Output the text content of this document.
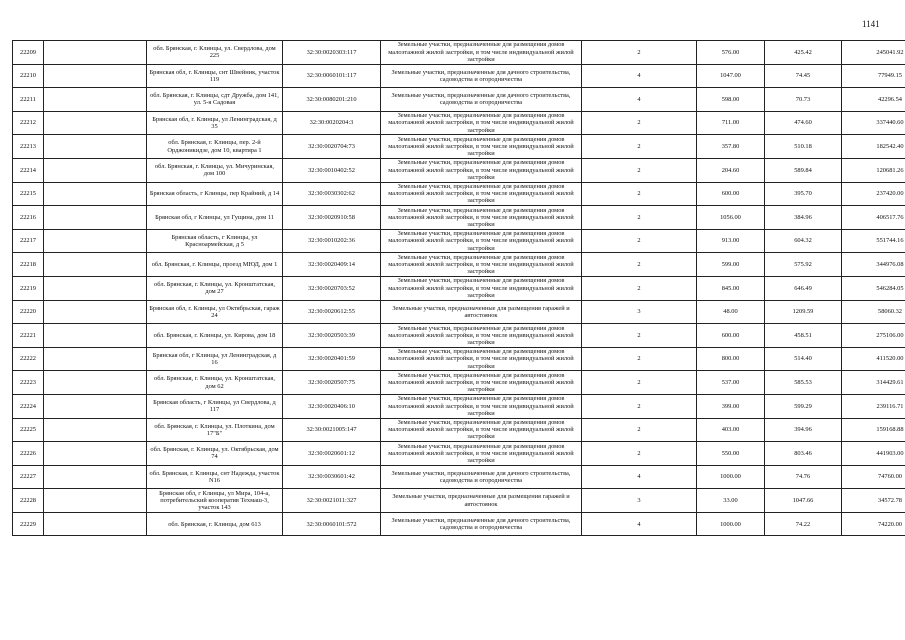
1141
22209		обл. Брянская, г. Клинцы, ул. Свердлова, дом 225	32:30:0020303:117	Земельные участки, предназначенные для размещения домов малоэтажной жилой застройки, в том числе индивидуальной жилой застройки	2	576.00	425.42	245041.92
22210		Брянская обл, г. Клинцы, снт Швейник, участок 119	32:30:0060101:117	Земельные участки, предназначенные для дачного строительства, садоводства и огородничества	4	1047.00	74.45	77949.15
22211		обл. Брянская, г. Клинцы, сдт Дружба, дом 141, ул. 5-я Садовая	32:30:0080201:210	Земельные участки, предназначенные для дачного строительства, садоводства и огородничества	4	598.00	70.73	42296.54
22212		Брянская обл, г. Клинцы, ул Ленинградская, д 35	32:30:0020204:3	Земельные участки, предназначенные для размещения домов малоэтажной жилой застройки, в том числе индивидуальной жилой застройки	2	711.00	474.60	337440.60
22213		обл. Брянская, г. Клинцы, пер. 2-й Орджоникидзе, дом 10, квартира 1	32:30:0020704:73	Земельные участки, предназначенные для размещения домов малоэтажной жилой застройки, в том числе индивидуальной жилой застройки	2	357.80	510.18	182542.40
22214		обл. Брянская, г. Клинцы, ул. Мичуринская, дом 100	32:30:0010402:52	Земельные участки, предназначенные для размещения домов малоэтажной жилой застройки, в том числе индивидуальной жилой застройки	2	204.60	589.84	120681.26
22215		Брянская область, г Клинцы, пер Крайний, д 14	32:30:0030302:62	Земельные участки, предназначенные для размещения домов малоэтажной жилой застройки, в том числе индивидуальной жилой застройки	2	600.00	395.70	237420.00
22216		Брянская обл, г Клинцы, ул Гущина, дом 11	32:30:0020910:58	Земельные участки, предназначенные для размещения домов малоэтажной жилой застройки, в том числе индивидуальной жилой застройки	2	1056.00	384.96	406517.76
22217		Брянская область, г Клинцы, ул Красноармейская, д 5	32:30:0010202:36	Земельные участки, предназначенные для размещения домов малоэтажной жилой застройки, в том числе индивидуальной жилой застройки	2	913.00	604.32	551744.16
22218		обл. Брянская, г. Клинцы, проезд МЮД, дом 1	32:30:0020409:14	Земельные участки, предназначенные для размещения домов малоэтажной жилой застройки, в том числе индивидуальной жилой застройки	2	599.00	575.92	344976.08
22219		обл. Брянская, г. Клинцы, ул. Кронштатская, дом 27	32:30:0020703:52	Земельные участки, предназначенные для размещения домов малоэтажной жилой застройки, в том числе индивидуальной жилой застройки	2	845.00	646.49	546284.05
22220		Брянская обл, г. Клинцы, ул Октябрьская, гараж 24	32:30:0020612:55	Земельные участки, предназначенные для размещения гаражей и автостоянок	3	48.00	1209.59	58060.32
22221		обл. Брянская, г. Клинцы, ул. Кирова, дом 18	32:30:0020503:39	Земельные участки, предназначенные для размещения домов малоэтажной жилой застройки, в том числе индивидуальной жилой застройки	2	600.00	458.51	275106.00
22222		Брянская обл, г Клинцы, ул Ленинградская, д 16	32:30:0020401:59	Земельные участки, предназначенные для размещения домов малоэтажной жилой застройки, в том числе индивидуальной жилой застройки	2	800.00	514.40	411520.00
22223		обл. Брянская, г. Клинцы, ул. Кронштатская, дом 62	32:30:0020507:75	Земельные участки, предназначенные для размещения домов малоэтажной жилой застройки, в том числе индивидуальной жилой застройки	2	537.00	585.53	314429.61
22224		Брянская область, г Клинцы, ул Свердлова, д 117	32:30:0020406:10	Земельные участки, предназначенные для размещения домов малоэтажной жилой застройки, в том числе индивидуальной жилой застройки	2	399.00	599.29	239116.71
22225		обл. Брянская, г. Клинцы, ул. Плоткина, дом 17"Б"	32:30:0021005:147	Земельные участки, предназначенные для размещения домов малоэтажной жилой застройки, в том числе индивидуальной жилой застройки	2	403.00	394.96	159168.88
22226		обл. Брянская, г. Клинцы, ул. Октябрьская, дом 74	32:30:0020601:12	Земельные участки, предназначенные для размещения домов малоэтажной жилой застройки, в том числе индивидуальной жилой застройки	2	550.00	803.46	441903.00
22227		обл. Брянская, г. Клинцы, снт Надежда, участок N16	32:30:0030601:42	Земельные участки, предназначенные для дачного строительства, садоводства и огородничества	4	1000.00	74.76	74760.00
22228		Брянская обл, г Клинцы, ул Мира, 104-а, потребительский кооператив Техмаш-3, участок 143	32:30:0021011:327	Земельные участки, предназначенные для размещения гаражей и автостоянок	3	33.00	1047.66	34572.78
22229		обл. Брянская, г. Клинцы, дом 613	32:30:0060101:572	Земельные участки, предназначенные для дачного строительства, садоводства и огородничества	4	1000.00	74.22	74220.00
